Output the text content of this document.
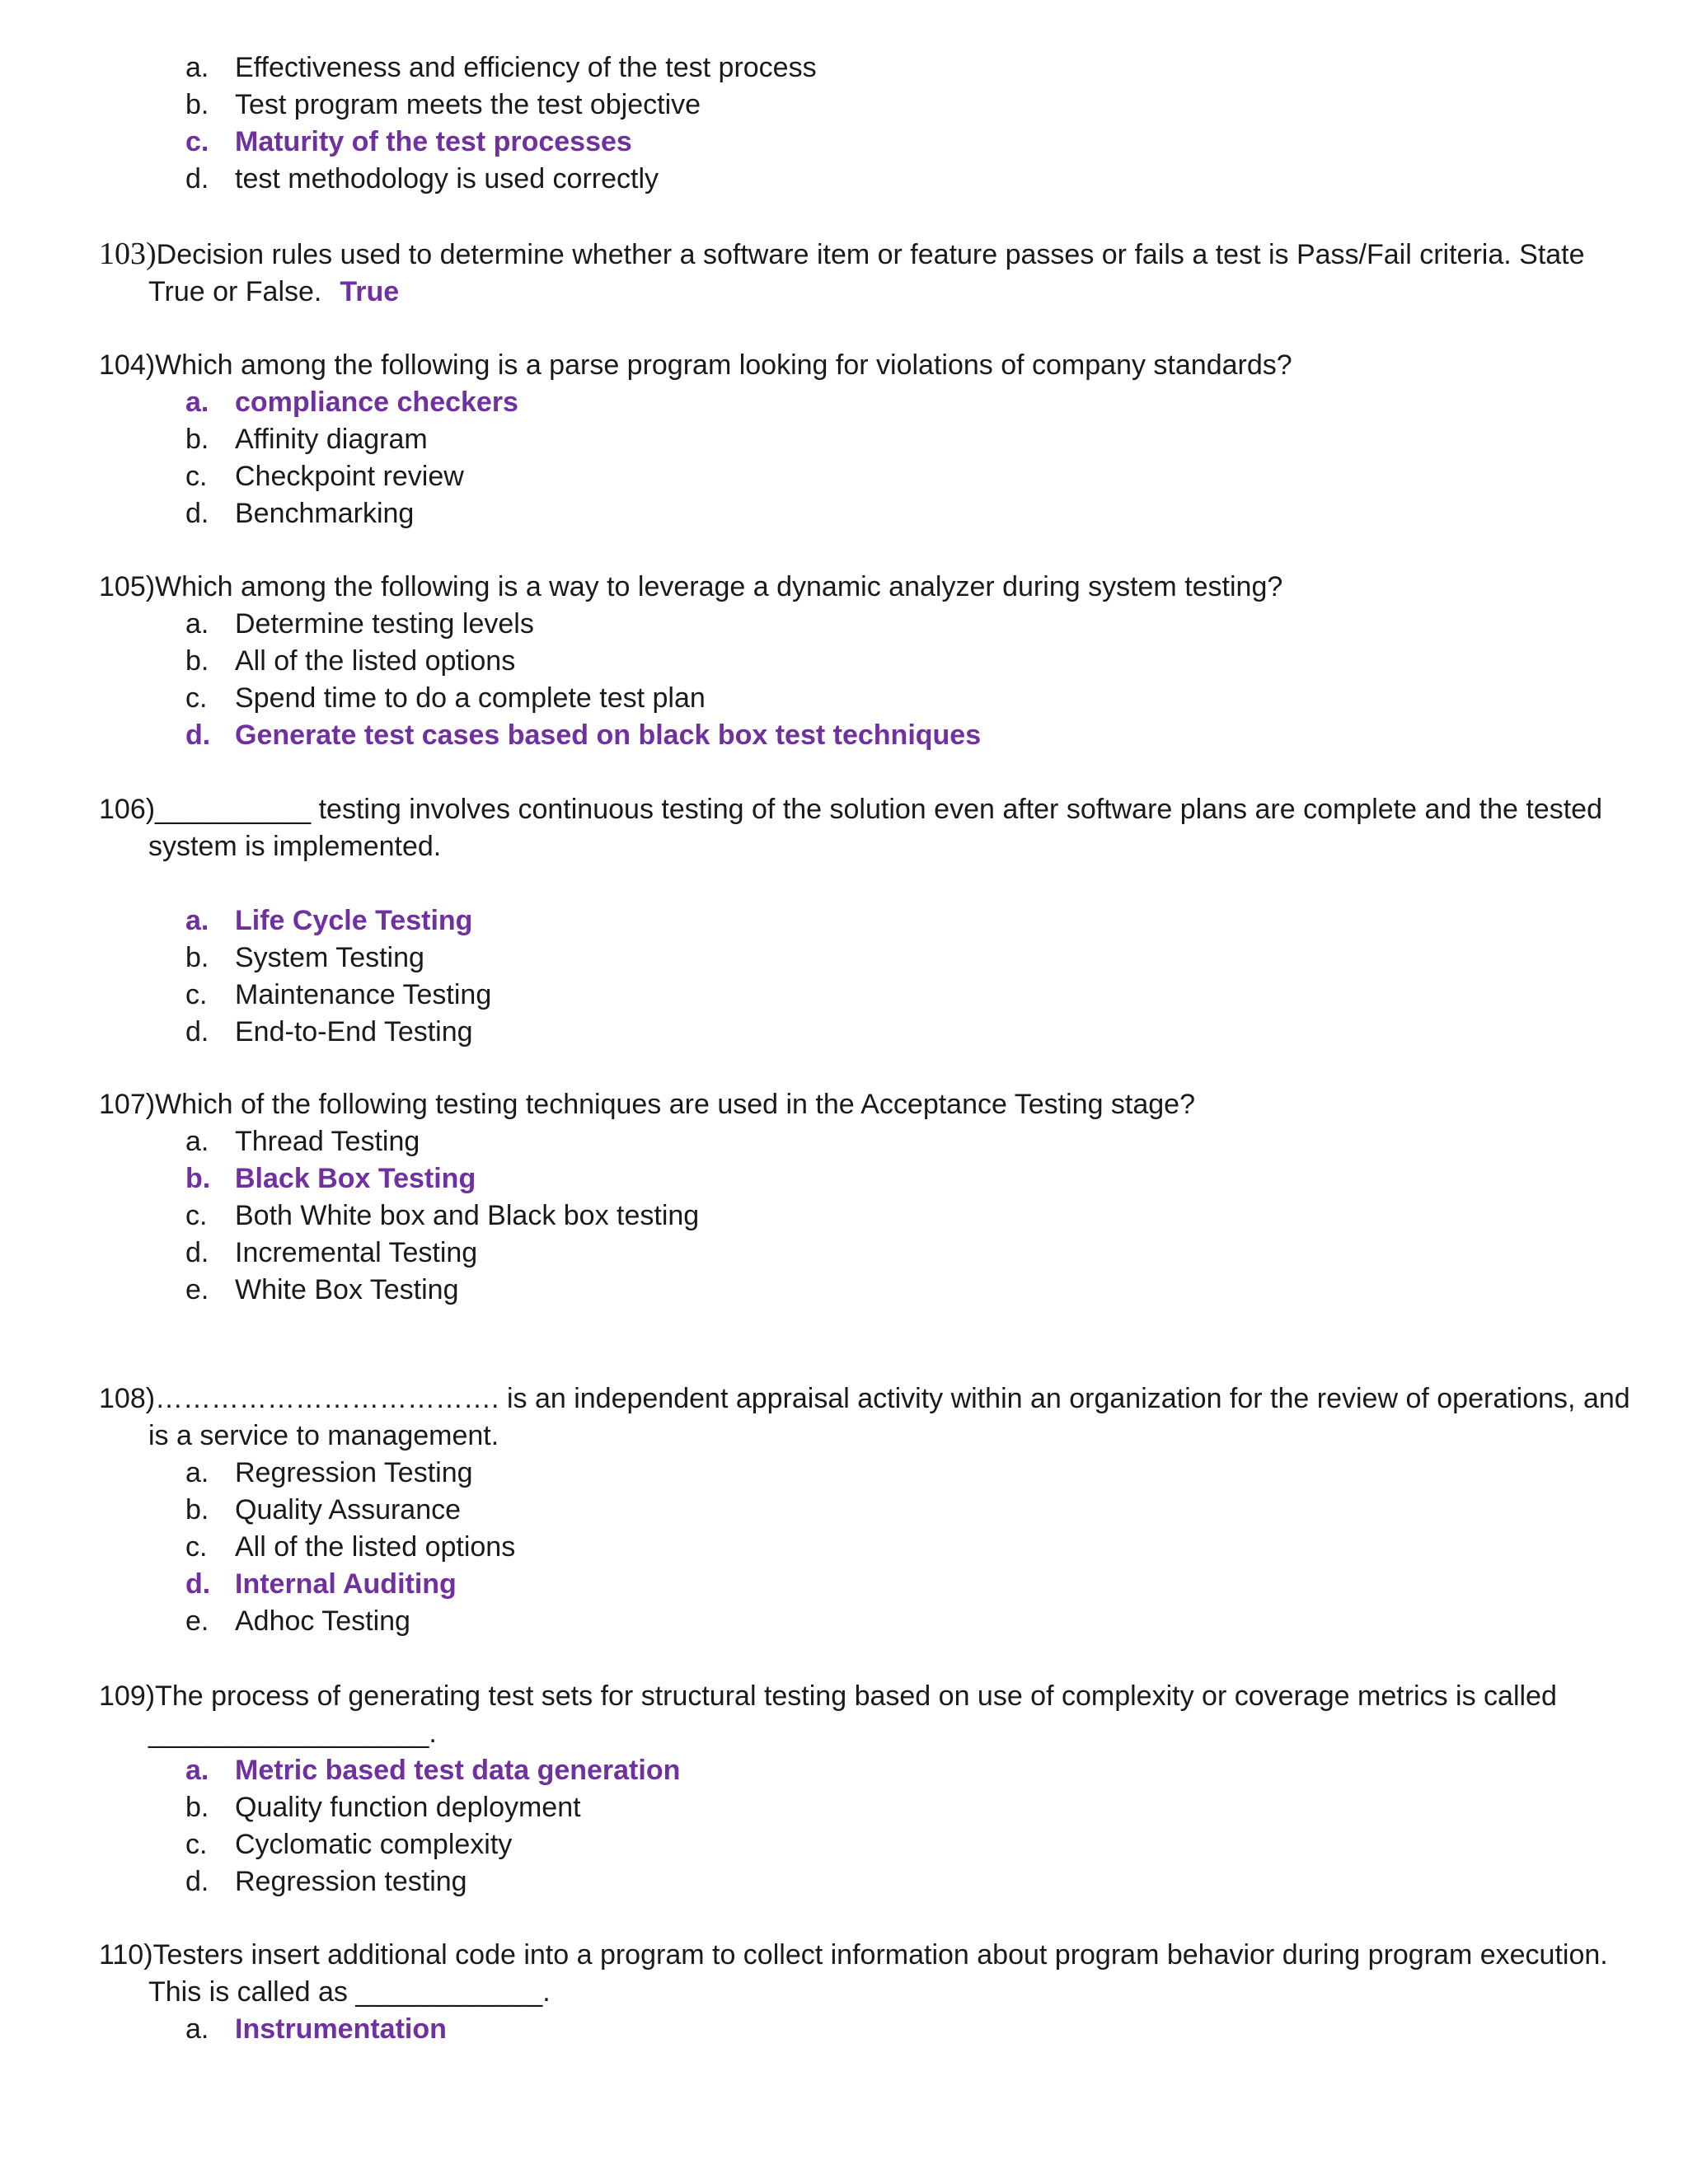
a. Effectiveness and efficiency of the test process
b. Test program meets the test objective
c. Maturity of the test processes
d. test methodology is used correctly
103)Decision rules used to determine whether a software item or feature passes or fails a test is Pass/Fail criteria. State True or False. True
104)Which among the following is a parse program looking for violations of company standards?
a. compliance checkers
b. Affinity diagram
c. Checkpoint review
d. Benchmarking
105)Which among the following is a way to leverage a dynamic analyzer during system testing?
a. Determine testing levels
b. All of the listed options
c. Spend time to do a complete test plan
d. Generate test cases based on black box test techniques
106)__________ testing involves continuous testing of the solution even after software plans are complete and the tested system is implemented.
a. Life Cycle Testing
b. System Testing
c. Maintenance Testing
d. End-to-End Testing
107)Which of the following testing techniques are used in the Acceptance Testing stage?
a. Thread Testing
b. Black Box Testing
c. Both White box and Black box testing
d. Incremental Testing
e. White Box Testing
108)………………………………. is an independent appraisal activity within an organization for the review of operations, and is a service to management.
a. Regression Testing
b. Quality Assurance
c. All of the listed options
d. Internal Auditing
e. Adhoc Testing
109)The process of generating test sets for structural testing based on use of complexity or coverage metrics is called __________________.
a. Metric based test data generation
b. Quality function deployment
c. Cyclomatic complexity
d. Regression testing
110)Testers insert additional code into a program to collect information about program behavior during program execution. This is called as ____________.
a. Instrumentation
